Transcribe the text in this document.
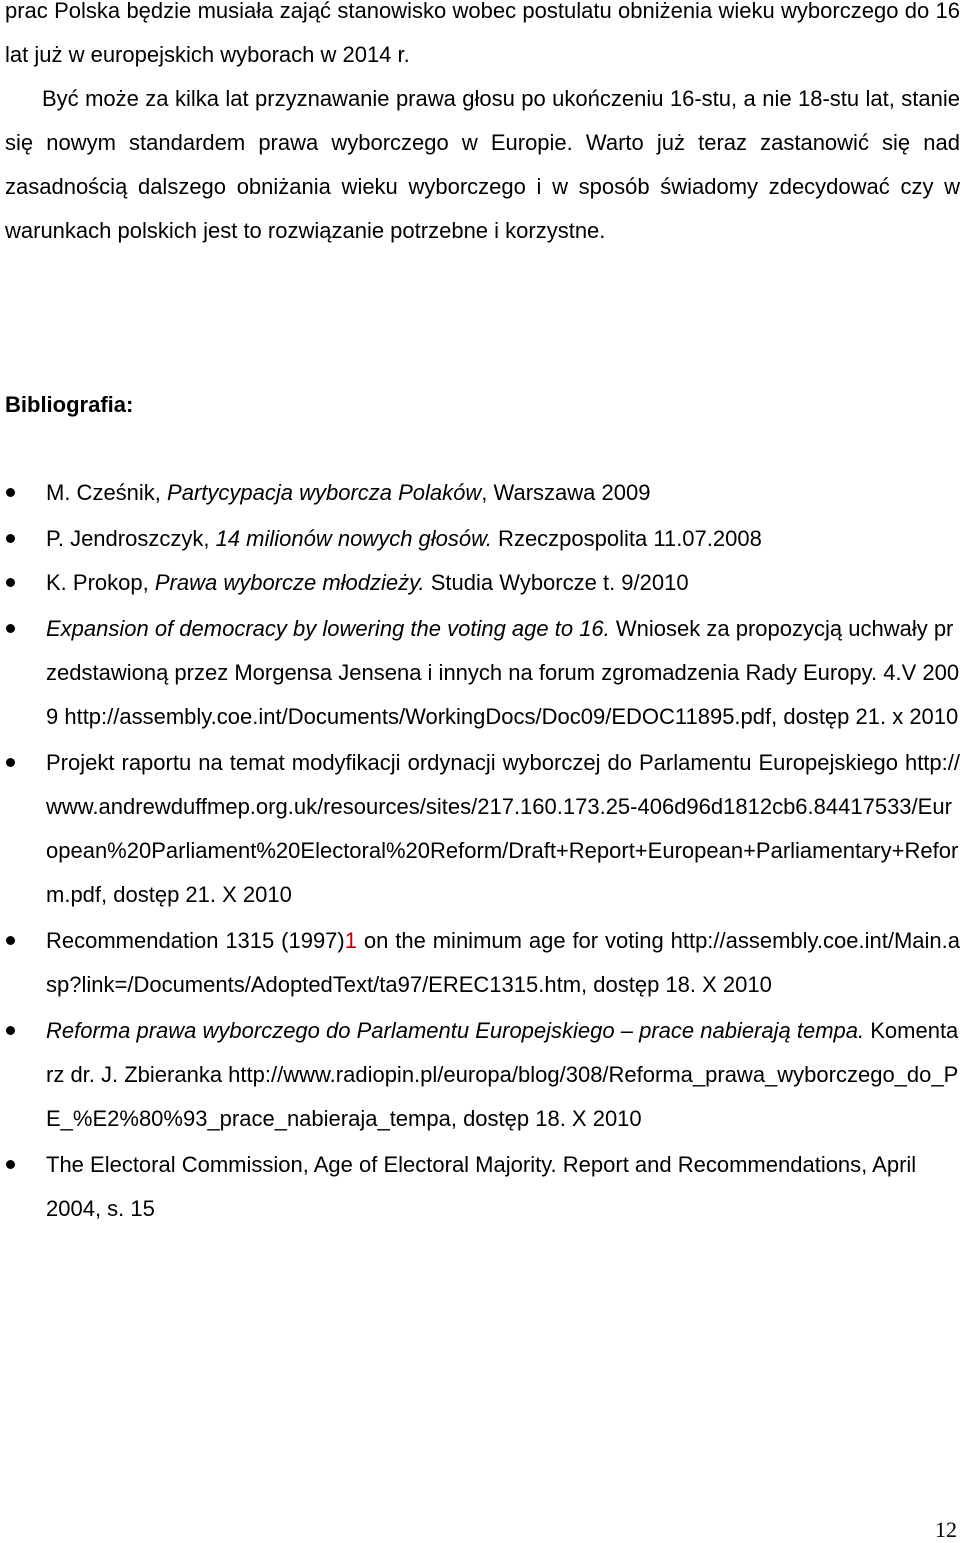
prac Polska będzie musiała zająć stanowisko wobec postulatu obniżenia wieku wyborczego do 16 lat już w europejskich wyborach w 2014 r.

Być może za kilka lat przyznawanie prawa głosu po ukończeniu 16-stu, a nie 18-stu lat, stanie się nowym standardem prawa wyborczego w Europie. Warto już teraz zastanowić się nad zasadnością dalszego obniżania wieku wyborczego i w sposób świadomy zdecydować czy w warunkach polskich jest to rozwiązanie potrzebne i korzystne.

Bibliografia:
M. Cześnik, Partycypacja wyborcza Polaków, Warszawa 2009
P. Jendroszczyk, 14 milionów nowych głosów. Rzeczpospolita 11.07.2008
K. Prokop, Prawa wyborcze młodzieży. Studia Wyborcze t. 9/2010
Expansion of democracy by lowering the voting age to 16. Wniosek za propozycją uchwały przedstawioną przez Morgensa Jensena i innych na forum zgromadzenia Rady Europy. 4.V 2009 http://assembly.coe.int/Documents/WorkingDocs/Doc09/EDOC11895.pdf, dostęp 21. x 2010
Projekt raportu na temat modyfikacji ordynacji wyborczej do Parlamentu Europejskiego http://www.andrewduffmep.org.uk/resources/sites/217.160.173.25-406d96d1812cb6.84417533/European%20Parliament%20Electoral%20Reform/Draft+Report+European+Parliamentary+Reform.pdf, dostęp 21. X 2010
Recommendation 1315 (1997)1 on the minimum age for voting http://assembly.coe.int/Main.asp?link=/Documents/AdoptedText/ta97/EREC1315.htm, dostęp 18. X 2010
Reforma prawa wyborczego do Parlamentu Europejskiego – prace nabierają tempa. Komentarz dr. J. Zbieranka http://www.radiopin.pl/europa/blog/308/Reforma_prawa_wyborczego_do_PE_%E2%80%93_prace_nabieraja_tempa, dostęp 18. X 2010
The Electoral Commission, Age of Electoral Majority. Report and Recommendations, April 2004, s. 15
12
